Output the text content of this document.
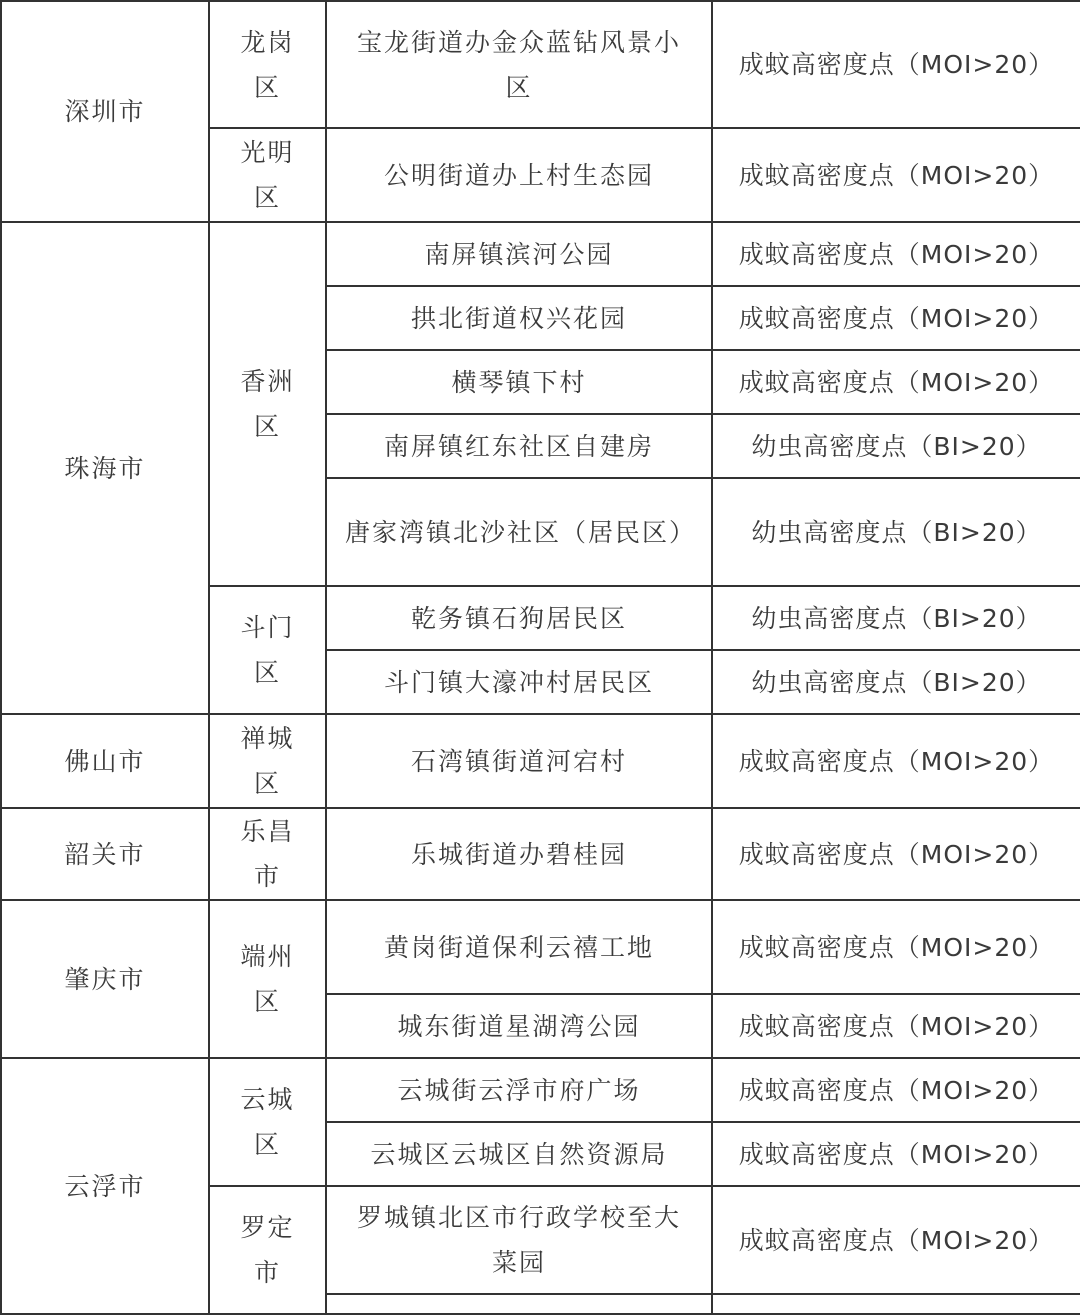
深圳市	龙岗区	宝龙街道办金众蓝钻风景小区	成蚊高密度点（MOI>20）
	光明区	公明街道办上村生态园	成蚊高密度点（MOI>20）
珠海市	香洲区	南屏镇滨河公园	成蚊高密度点（MOI>20）
		拱北街道权兴花园	成蚊高密度点（MOI>20）
		横琴镇下村	成蚊高密度点（MOI>20）
		南屏镇红东社区自建房	幼虫高密度点（BI>20）
		唐家湾镇北沙社区（居民区）	幼虫高密度点（BI>20）
	斗门区	乾务镇石狗居民区	幼虫高密度点（BI>20）
		斗门镇大濠冲村居民区	幼虫高密度点（BI>20）
佛山市	禅城区	石湾镇街道河宕村	成蚊高密度点（MOI>20）
韶关市	乐昌市	乐城街道办碧桂园	成蚊高密度点（MOI>20）
肇庆市	端州区	黄岗街道保利云禧工地	成蚊高密度点（MOI>20）
		城东街道星湖湾公园	成蚊高密度点（MOI>20）
云浮市	云城区	云城街云浮市府广场	成蚊高密度点（MOI>20）
		云城区云城区自然资源局	成蚊高密度点（MOI>20）
	罗定市	罗城镇北区市行政学校至大菜园	成蚊高密度点（MOI>20）
